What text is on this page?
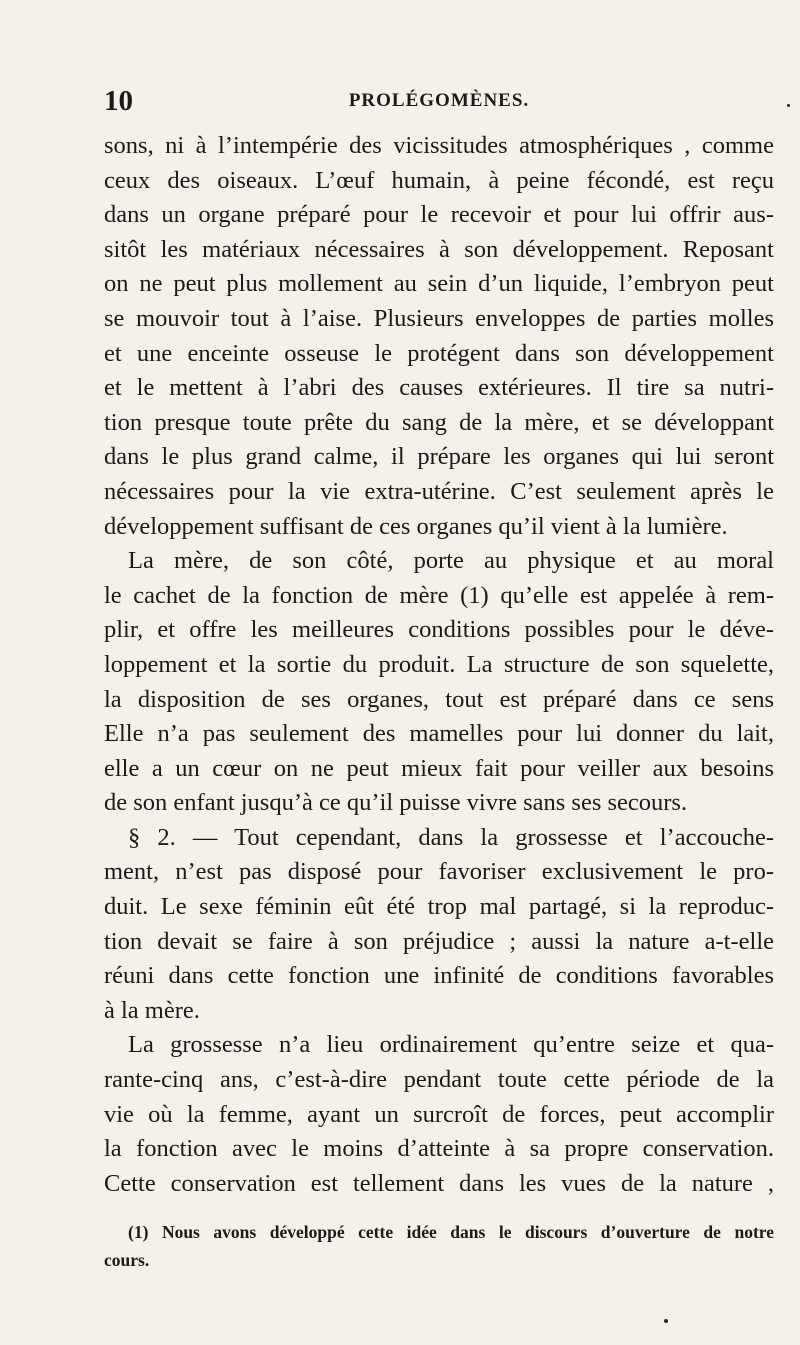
10	PROLÉGOMÈNES.
sons, ni à l’intempérie des vicissitudes atmosphériques , comme
ceux des oiseaux. L’œuf humain, à peine fécondé, est reçu
dans un organe préparé pour le recevoir et pour lui offrir aus-
sitôt les matériaux nécessaires à son développement. Reposant
on ne peut plus mollement au sein d’un liquide, l’embryon peut
se mouvoir tout à l’aise. Plusieurs enveloppes de parties molles
et une enceinte osseuse le protégent dans son développement
et le mettent à l’abri des causes extérieures. Il tire sa nutri-
tion presque toute prête du sang de la mère, et se développant
dans le plus grand calme, il prépare les organes qui lui seront
nécessaires pour la vie extra-utérine. C’est seulement après le
développement suffisant de ces organes qu’il vient à la lumière.
La mère, de son côté, porte au physique et au moral
le cachet de la fonction de mère (1) qu’elle est appelée à rem-
plir, et offre les meilleures conditions possibles pour le déve-
loppement et la sortie du produit. La structure de son squelette,
la disposition de ses organes, tout est préparé dans ce sens
Elle n’a pas seulement des mamelles pour lui donner du lait,
elle a un cœur on ne peut mieux fait pour veiller aux besoins
de son enfant jusqu’à ce qu’il puisse vivre sans ses secours.
§ 2. — Tout cependant, dans la grossesse et l’accouche-
ment, n’est pas disposé pour favoriser exclusivement le pro-
duit. Le sexe féminin eût été trop mal partagé, si la reproduc-
tion devait se faire à son préjudice ; aussi la nature a-t-elle
réuni dans cette fonction une infinité de conditions favorables
à la mère.
La grossesse n’a lieu ordinairement qu’entre seize et qua-
rante-cinq ans, c’est-à-dire pendant toute cette période de la
vie où la femme, ayant un surcroît de forces, peut accomplir
la fonction avec le moins d’atteinte à sa propre conservation.
Cette conservation est tellement dans les vues de la nature ,
(1) Nous avons développé cette idée dans le discours d’ouverture de notre
cours.
